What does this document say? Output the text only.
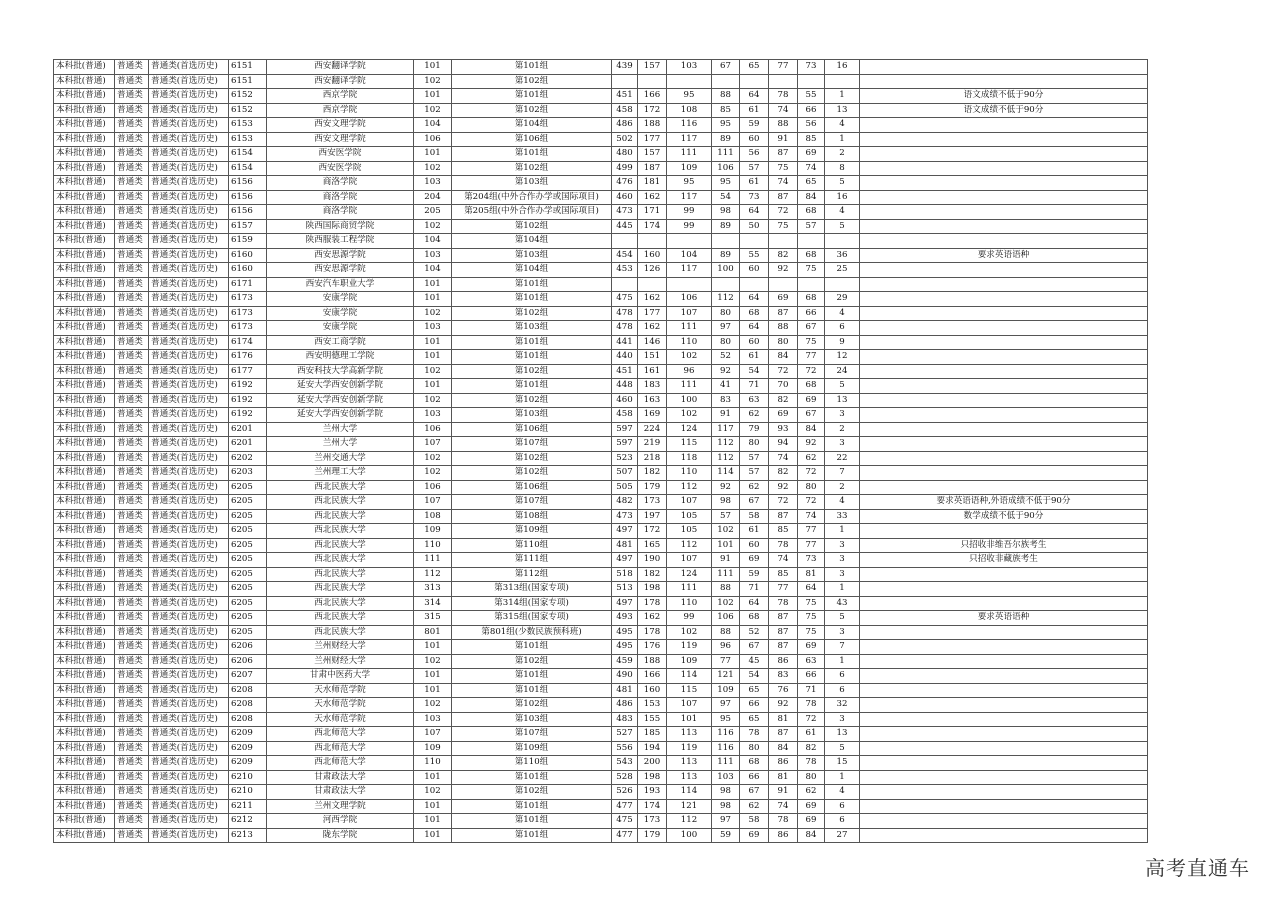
本科批(普通)	普通类	普通类(首选历史)	6151	西安翻译学院	101	第101组	439	157	103	67	65	77	73	16	
本科批(普通)	普通类	普通类(首选历史)	6151	西安翻译学院	102	第102组									
本科批(普通)	普通类	普通类(首选历史)	6152	西京学院	101	第101组	451	166	95	88	64	78	55	1	语文成绩不低于90分
本科批(普通)	普通类	普通类(首选历史)	6152	西京学院	102	第102组	458	172	108	85	61	74	66	13	语文成绩不低于90分
本科批(普通)	普通类	普通类(首选历史)	6153	西安文理学院	104	第104组	486	188	116	95	59	88	56	4	
本科批(普通)	普通类	普通类(首选历史)	6153	西安文理学院	106	第106组	502	177	117	89	60	91	85	1	
本科批(普通)	普通类	普通类(首选历史)	6154	西安医学院	101	第101组	480	157	111	111	56	87	69	2	
本科批(普通)	普通类	普通类(首选历史)	6154	西安医学院	102	第102组	499	187	109	106	57	75	74	8	
本科批(普通)	普通类	普通类(首选历史)	6156	商洛学院	103	第103组	476	181	95	95	61	74	65	5	
本科批(普通)	普通类	普通类(首选历史)	6156	商洛学院	204	第204组(中外合作办学或国际项目)	460	162	117	54	73	87	84	16	
本科批(普通)	普通类	普通类(首选历史)	6156	商洛学院	205	第205组(中外合作办学或国际项目)	473	171	99	98	64	72	68	4	
本科批(普通)	普通类	普通类(首选历史)	6157	陕西国际商贸学院	102	第102组	445	174	99	89	50	75	57	5	
本科批(普通)	普通类	普通类(首选历史)	6159	陕西服装工程学院	104	第104组									
本科批(普通)	普通类	普通类(首选历史)	6160	西安思源学院	103	第103组	454	160	104	89	55	82	68	36	要求英语语种
本科批(普通)	普通类	普通类(首选历史)	6160	西安思源学院	104	第104组	453	126	117	100	60	92	75	25	
本科批(普通)	普通类	普通类(首选历史)	6171	西安汽车职业大学	101	第101组									
本科批(普通)	普通类	普通类(首选历史)	6173	安康学院	101	第101组	475	162	106	112	64	69	68	29	
本科批(普通)	普通类	普通类(首选历史)	6173	安康学院	102	第102组	478	177	107	80	68	87	66	4	
本科批(普通)	普通类	普通类(首选历史)	6173	安康学院	103	第103组	478	162	111	97	64	88	67	6	
本科批(普通)	普通类	普通类(首选历史)	6174	西安工商学院	101	第101组	441	146	110	80	60	80	75	9	
本科批(普通)	普通类	普通类(首选历史)	6176	西安明德理工学院	101	第101组	440	151	102	52	61	84	77	12	
本科批(普通)	普通类	普通类(首选历史)	6177	西安科技大学高新学院	102	第102组	451	161	96	92	54	72	72	24	
本科批(普通)	普通类	普通类(首选历史)	6192	延安大学西安创新学院	101	第101组	448	183	111	41	71	70	68	5	
本科批(普通)	普通类	普通类(首选历史)	6192	延安大学西安创新学院	102	第102组	460	163	100	83	63	82	69	13	
本科批(普通)	普通类	普通类(首选历史)	6192	延安大学西安创新学院	103	第103组	458	169	102	91	62	69	67	3	
本科批(普通)	普通类	普通类(首选历史)	6201	兰州大学	106	第106组	597	224	124	117	79	93	84	2	
本科批(普通)	普通类	普通类(首选历史)	6201	兰州大学	107	第107组	597	219	115	112	80	94	92	3	
本科批(普通)	普通类	普通类(首选历史)	6202	兰州交通大学	102	第102组	523	218	118	112	57	74	62	22	
本科批(普通)	普通类	普通类(首选历史)	6203	兰州理工大学	102	第102组	507	182	110	114	57	82	72	7	
本科批(普通)	普通类	普通类(首选历史)	6205	西北民族大学	106	第106组	505	179	112	92	62	92	80	2	
本科批(普通)	普通类	普通类(首选历史)	6205	西北民族大学	107	第107组	482	173	107	98	67	72	72	4	要求英语语种,外语成绩不低于90分
本科批(普通)	普通类	普通类(首选历史)	6205	西北民族大学	108	第108组	473	197	105	57	58	87	74	33	数学成绩不低于90分
本科批(普通)	普通类	普通类(首选历史)	6205	西北民族大学	109	第109组	497	172	105	102	61	85	77	1	
本科批(普通)	普通类	普通类(首选历史)	6205	西北民族大学	110	第110组	481	165	112	101	60	78	77	3	只招收非维吾尔族考生
本科批(普通)	普通类	普通类(首选历史)	6205	西北民族大学	111	第111组	497	190	107	91	69	74	73	3	只招收非藏族考生
本科批(普通)	普通类	普通类(首选历史)	6205	西北民族大学	112	第112组	518	182	124	111	59	85	81	3	
本科批(普通)	普通类	普通类(首选历史)	6205	西北民族大学	313	第313组(国家专项)	513	198	111	88	71	77	64	1	
本科批(普通)	普通类	普通类(首选历史)	6205	西北民族大学	314	第314组(国家专项)	497	178	110	102	64	78	75	43	
本科批(普通)	普通类	普通类(首选历史)	6205	西北民族大学	315	第315组(国家专项)	493	162	99	106	68	87	75	5	要求英语语种
本科批(普通)	普通类	普通类(首选历史)	6205	西北民族大学	801	第801组(少数民族预科班)	495	178	102	88	52	87	75	3	
本科批(普通)	普通类	普通类(首选历史)	6206	兰州财经大学	101	第101组	495	176	119	96	67	87	69	7	
本科批(普通)	普通类	普通类(首选历史)	6206	兰州财经大学	102	第102组	459	188	109	77	45	86	63	1	
本科批(普通)	普通类	普通类(首选历史)	6207	甘肃中医药大学	101	第101组	490	166	114	121	54	83	66	6	
本科批(普通)	普通类	普通类(首选历史)	6208	天水师范学院	101	第101组	481	160	115	109	65	76	71	6	
本科批(普通)	普通类	普通类(首选历史)	6208	天水师范学院	102	第102组	486	153	107	97	66	92	78	32	
本科批(普通)	普通类	普通类(首选历史)	6208	天水师范学院	103	第103组	483	155	101	95	65	81	72	3	
本科批(普通)	普通类	普通类(首选历史)	6209	西北师范大学	107	第107组	527	185	113	116	78	87	61	13	
本科批(普通)	普通类	普通类(首选历史)	6209	西北师范大学	109	第109组	556	194	119	116	80	84	82	5	
本科批(普通)	普通类	普通类(首选历史)	6209	西北师范大学	110	第110组	543	200	113	111	68	86	78	15	
本科批(普通)	普通类	普通类(首选历史)	6210	甘肃政法大学	101	第101组	528	198	113	103	66	81	80	1	
本科批(普通)	普通类	普通类(首选历史)	6210	甘肃政法大学	102	第102组	526	193	114	98	67	91	62	4	
本科批(普通)	普通类	普通类(首选历史)	6211	兰州文理学院	101	第101组	477	174	121	98	62	74	69	6	
本科批(普通)	普通类	普通类(首选历史)	6212	河西学院	101	第101组	475	173	112	97	58	78	69	6	
本科批(普通)	普通类	普通类(首选历史)	6213	陇东学院	101	第101组	477	179	100	59	69	86	84	27	
高考直通车
